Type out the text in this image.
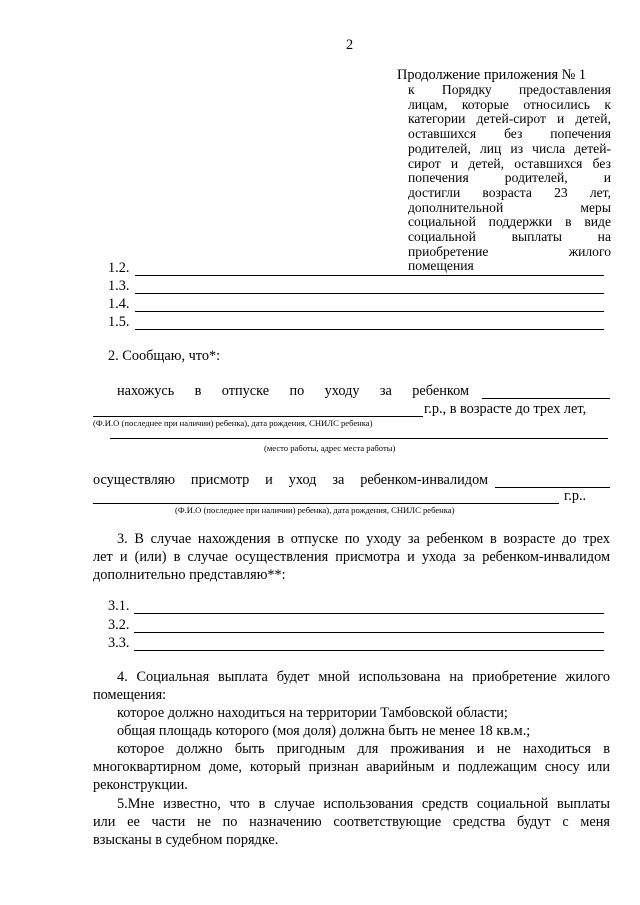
2
Продолжение приложения № 1
к Порядку предоставления
лицам, которые относились к
категории детей-сирот и детей,
оставшихся без попечения
родителей, лиц из числа детей-
сирот и детей, оставшихся без
попечения родителей, и
достигли возраста 23 лет,
дополнительной меры
социальной поддержки в виде
социальной выплаты на
приобретение жилого
помещения
1.2.
1.3.
1.4.
1.5.
2. Сообщаю, что*:
нахожусь в отпуске по уходу за ребенком
г.р., в возрасте до трех лет,
(Ф.И.О (последнее при наличии) ребенка), дата рождения, СНИЛС ребенка)
(место работы, адрес места работы)
осуществляю присмотр и уход за ребенком-инвалидом
г.р..
(Ф.И.О (последнее при наличии) ребенка), дата рождения, СНИЛС ребенка)
3. В случае нахождения в отпуске по уходу за ребенком в возрасте до трех
лет и (или) в случае осуществления присмотра и ухода за ребенком-инвалидом
дополнительно представляю**:
3.1.
3.2.
3.3.
4. Социальная выплата будет мной использована на приобретение жилого
помещения:
которое должно находиться на территории Тамбовской области;
общая площадь которого (моя доля) должна быть не менее 18 кв.м.;
которое должно быть пригодным для проживания и не находиться в
многоквартирном доме, который признан аварийным и подлежащим сносу или
реконструкции.
5.Мне известно, что в случае использования средств социальной выплаты
или ее части не по назначению соответствующие средства будут с меня
взысканы в судебном порядке.
